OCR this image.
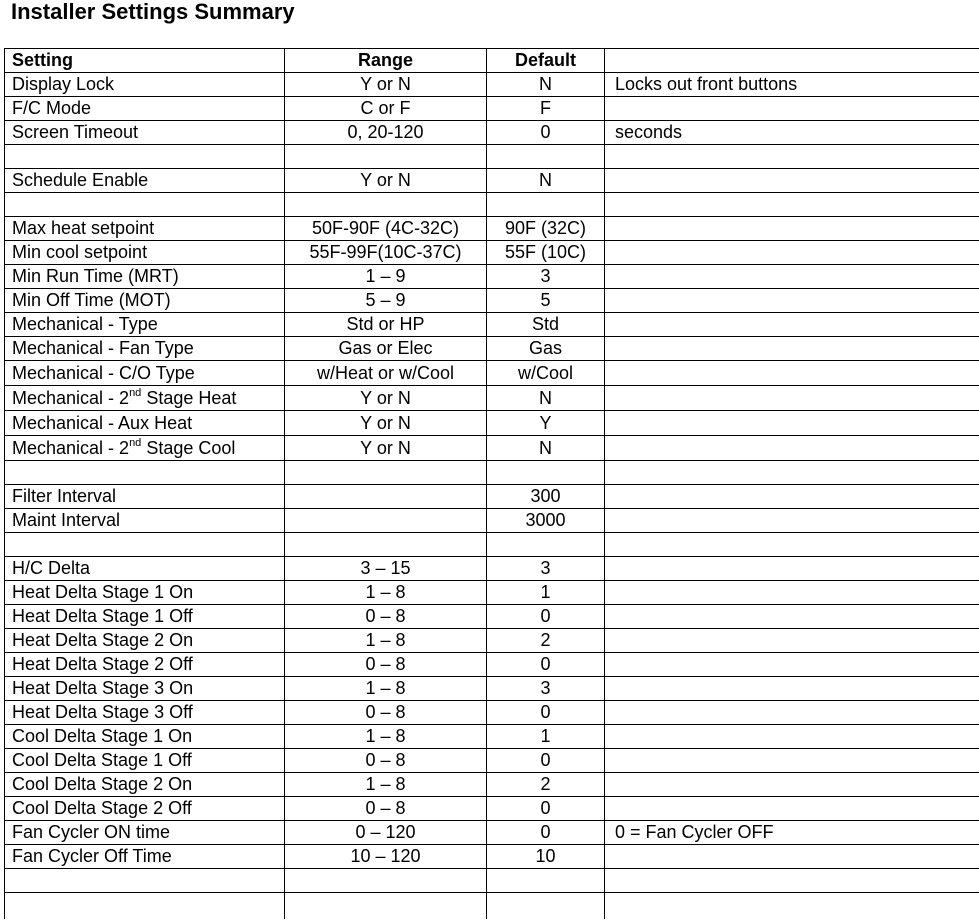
Installer Settings Summary
Setting	Range	Default	
Display Lock	Y or N	N	Locks out front buttons
F/C Mode	C or F	F	
Screen Timeout	0, 20-120	0	seconds

Schedule Enable	Y or N	N	

Max heat setpoint	50F-90F (4C-32C)	90F (32C)	
Min cool setpoint	55F-99F(10C-37C)	55F (10C)	
Min Run Time (MRT)	1 – 9	3	
Min Off Time (MOT)	5 – 9	5	
Mechanical - Type	Std or HP	Std	
Mechanical - Fan Type	Gas or Elec	Gas	
Mechanical - C/O Type	w/Heat or w/Cool	w/Cool	
Mechanical - 2nd Stage Heat	Y or N	N	
Mechanical - Aux Heat	Y or N	Y	
Mechanical - 2nd Stage Cool	Y or N	N	

Filter Interval		300	
Maint Interval		3000	

H/C Delta	3 – 15	3	
Heat Delta Stage 1 On	1 – 8	1	
Heat Delta Stage 1 Off	0 – 8	0	
Heat Delta Stage 2 On	1 – 8	2	
Heat Delta Stage 2 Off	0 – 8	0	
Heat Delta Stage 3 On	1 – 8	3	
Heat Delta Stage 3 Off	0 – 8	0	
Cool Delta Stage 1 On	1 – 8	1	
Cool Delta Stage 1 Off	0 – 8	0	
Cool Delta Stage 2 On	1 – 8	2	
Cool Delta Stage 2 Off	0 – 8	0	
Fan Cycler ON time	0 – 120	0	0 = Fan Cycler OFF
Fan Cycler Off Time	10 – 120	10	
